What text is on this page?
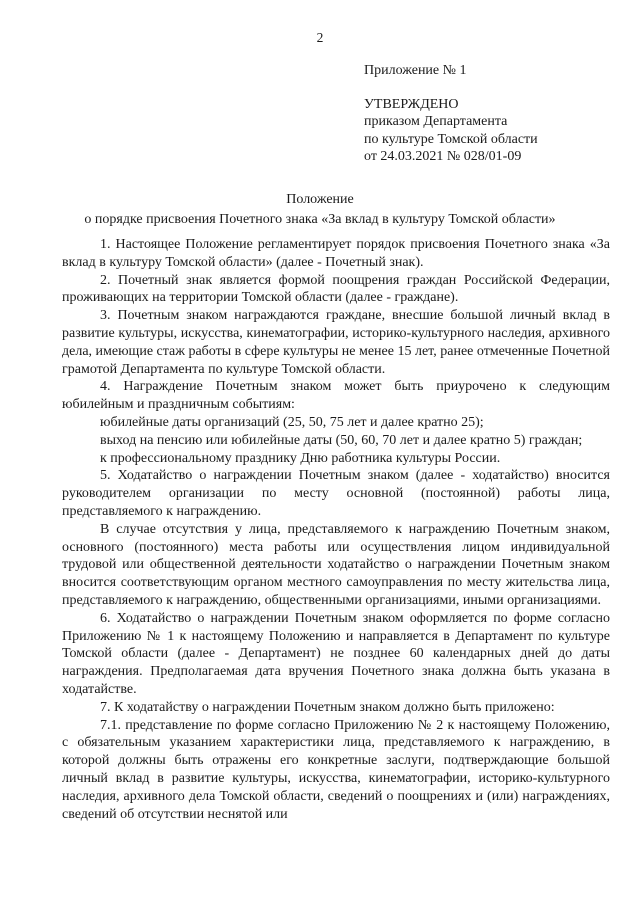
2
Приложение № 1
УТВЕРЖДЕНО
приказом Департамента
по культуре Томской области
от 24.03.2021 № 028/01-09
Положение
о порядке присвоения Почетного знака «За вклад в культуру Томской области»

1. Настоящее Положение регламентирует порядок присвоения Почетного знака «За вклад в культуру Томской области» (далее - Почетный знак).

2. Почетный знак является формой поощрения граждан Российской Федерации, проживающих на территории Томской области (далее - граждане).

3. Почетным знаком награждаются граждане, внесшие большой личный вклад в развитие культуры, искусства, кинематографии, историко-культурного наследия, архивного дела, имеющие стаж работы в сфере культуры не менее 15 лет, ранее отмеченные Почетной грамотой Департамента по культуре Томской области.

4. Награждение Почетным знаком может быть приурочено к следующим юбилейным и праздничным событиям:

юбилейные даты организаций (25, 50, 75 лет и далее кратно 25);

выход на пенсию или юбилейные даты (50, 60, 70 лет и далее кратно 5) граждан;

к профессиональному празднику Дню работника культуры России.

5. Ходатайство о награждении Почетным знаком (далее - ходатайство) вносится руководителем организации по месту основной (постоянной) работы лица, представляемого к награждению.

В случае отсутствия у лица, представляемого к награждению Почетным знаком, основного (постоянного) места работы или осуществления лицом индивидуальной трудовой или общественной деятельности ходатайство о награждении Почетным знаком вносится соответствующим органом местного самоуправления по месту жительства лица, представляемого к награждению, общественными организациями, иными организациями.

6. Ходатайство о награждении Почетным знаком оформляется по форме согласно Приложению № 1 к настоящему Положению и направляется в Департамент по культуре Томской области (далее - Департамент) не позднее 60 календарных дней до даты награждения. Предполагаемая дата вручения Почетного знака должна быть указана в ходатайстве.

7. К ходатайству о награждении Почетным знаком должно быть приложено:

7.1. представление по форме согласно Приложению № 2 к настоящему Положению, с обязательным указанием характеристики лица, представляемого к награждению, в которой должны быть отражены его конкретные заслуги, подтверждающие большой личный вклад в развитие культуры, искусства, кинематографии, историко-культурного наследия, архивного дела Томской области, сведений о поощрениях и (или) награждениях, сведений об отсутствии неснятой или
